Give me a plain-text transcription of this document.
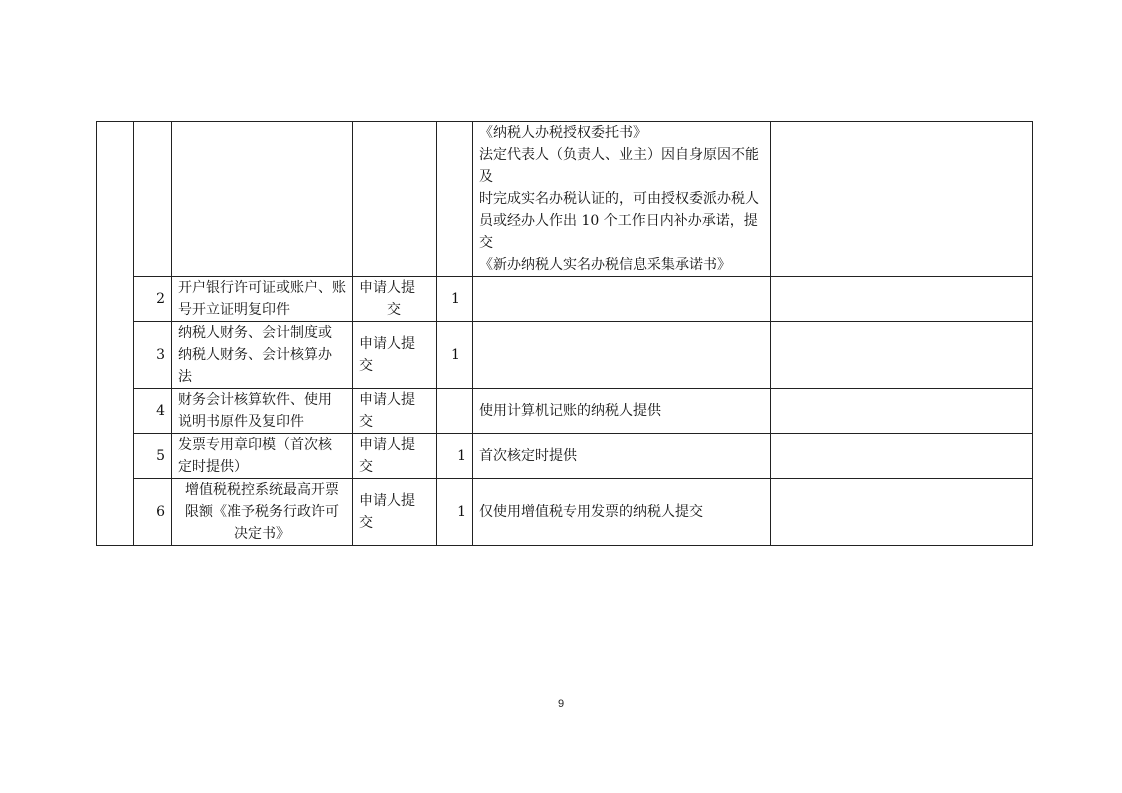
					《纳税人办税授权委托书》
法定代表人（负责人、业主）因自身原因不能及
时完成实名办税认证的，可由授权委派办税人
员或经办人作出 10 个工作日内补办承诺，提交
《新办纳税人实名办税信息采集承诺书》	

	2	开户银行许可证或账户、账
号开立证明复印件	申请人提
交	1		
	3	纳税人财务、会计制度或
纳税人财务、会计核算办
法	申请人提
交	1		
	4	财务会计核算软件、使用
说明书原件及复印件	申请人提
交		使用计算机记账的纳税人提供	
	5	发票专用章印模（首次核
定时提供）	申请人提
交	1	首次核定时提供	
	6	增值税税控系统最高开票
限额《准予税务行政许可
决定书》	申请人提
交	1	仅使用增值税专用发票的纳税人提交	
9
